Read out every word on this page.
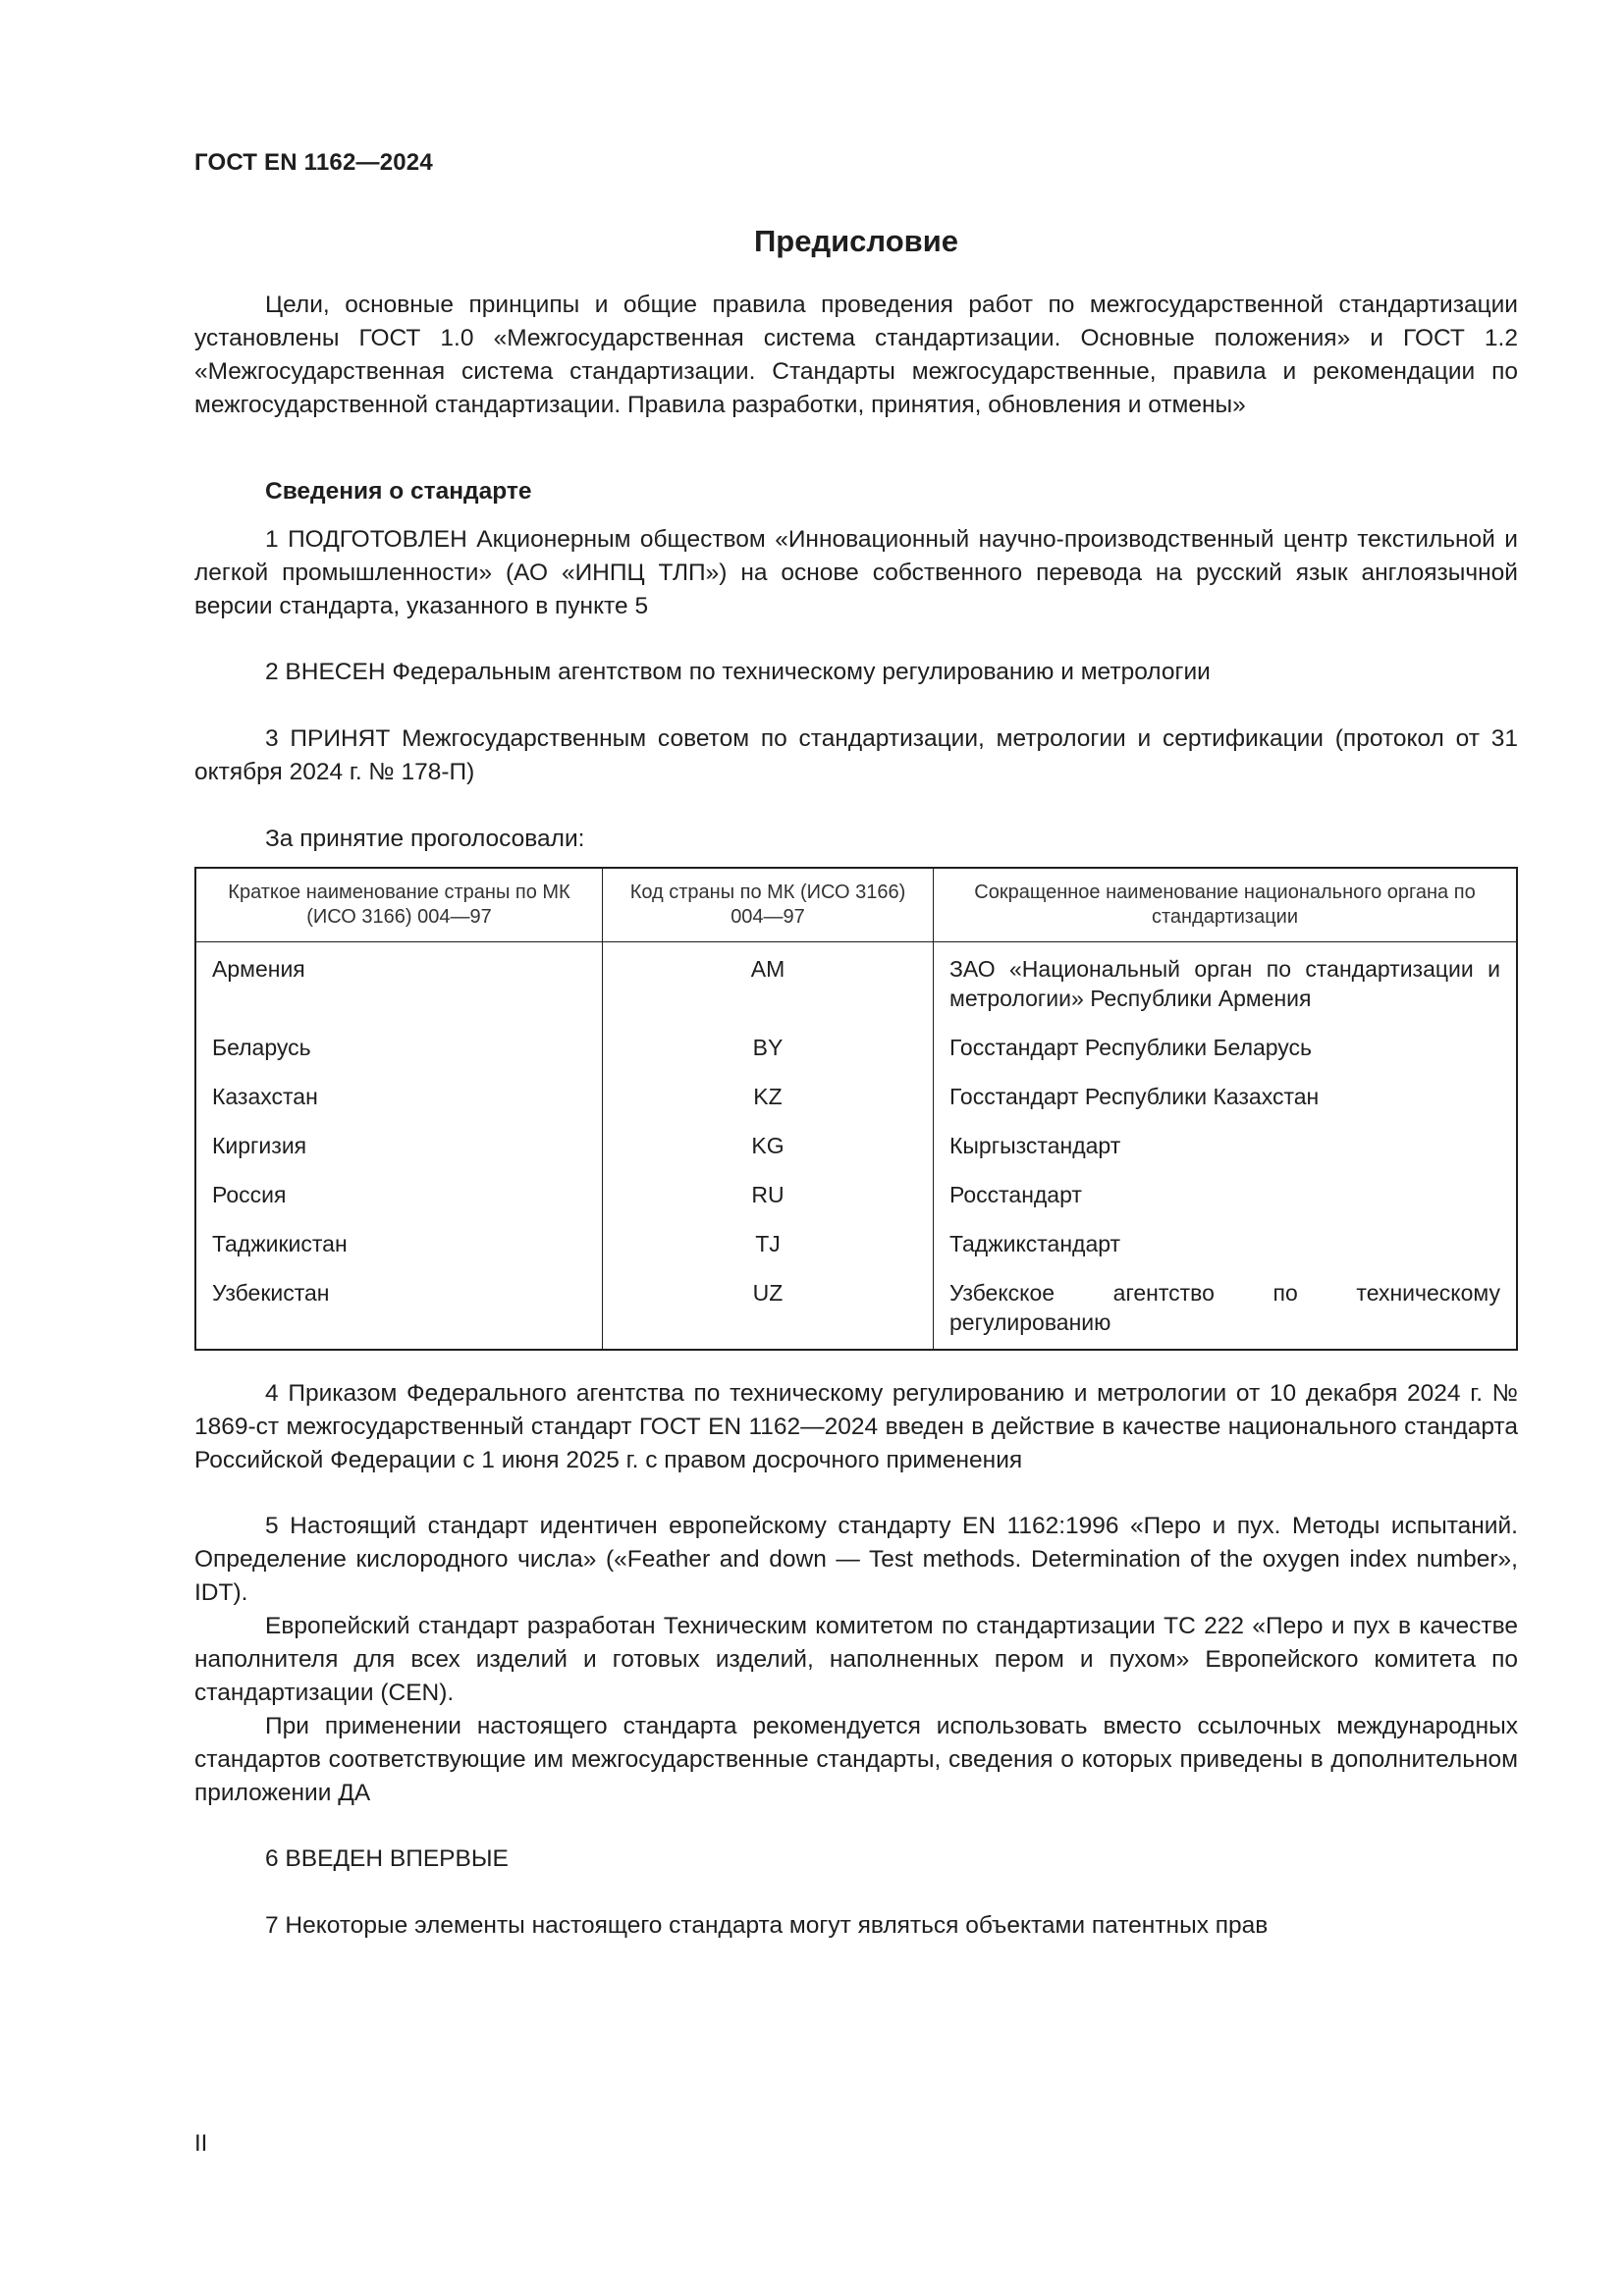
ГОСТ EN 1162—2024
Предисловие

Цели, основные принципы и общие правила проведения работ по межгосударственной стандартизации установлены ГОСТ 1.0 «Межгосударственная система стандартизации. Основные положения» и ГОСТ 1.2 «Межгосударственная система стандартизации. Стандарты межгосударственные, правила и рекомендации по межгосударственной стандартизации. Правила разработки, принятия, обновления и отмены»

Сведения о стандарте

1 ПОДГОТОВЛЕН Акционерным обществом «Инновационный научно-производственный центр текстильной и легкой промышленности» (АО «ИНПЦ ТЛП») на основе собственного перевода на русский язык англоязычной версии стандарта, указанного в пункте 5

2 ВНЕСЕН Федеральным агентством по техническому регулированию и метрологии

3 ПРИНЯТ Межгосударственным советом по стандартизации, метрологии и сертификации (протокол от 31 октября 2024 г. № 178-П)

За принятие проголосовали:
Краткое наименование страны по МК (ИСО 3166) 004—97	Код страны по МК (ИСО 3166) 004—97	Сокращенное наименование национального органа по стандартизации
Армения	AM	ЗАО «Национальный орган по стандартизации и метрологии» Республики Армения
Беларусь	BY	Госстандарт Республики Беларусь
Казахстан	KZ	Госстандарт Республики Казахстан
Киргизия	KG	Кыргызстандарт
Россия	RU	Росстандарт
Таджикистан	TJ	Таджикстандарт
Узбекистан	UZ	Узбекское агентство по техническому регулированию

4 Приказом Федерального агентства по техническому регулированию и метрологии от 10 декабря 2024 г. № 1869-ст межгосударственный стандарт ГОСТ EN 1162—2024 введен в действие в качестве национального стандарта Российской Федерации с 1 июня 2025 г. с правом досрочного применения

5 Настоящий стандарт идентичен европейскому стандарту EN 1162:1996 «Перо и пух. Методы испытаний. Определение кислородного числа» («Feather and down — Test methods. Determination of the oxygen index number», IDT).

Европейский стандарт разработан Техническим комитетом по стандартизации TC 222 «Перо и пух в качестве наполнителя для всех изделий и готовых изделий, наполненных пером и пухом» Европейского комитета по стандартизации (CEN).

При применении настоящего стандарта рекомендуется использовать вместо ссылочных международных стандартов соответствующие им межгосударственные стандарты, сведения о которых приведены в дополнительном приложении ДА

6 ВВЕДЕН ВПЕРВЫЕ

7 Некоторые элементы настоящего стандарта могут являться объектами патентных прав

II
